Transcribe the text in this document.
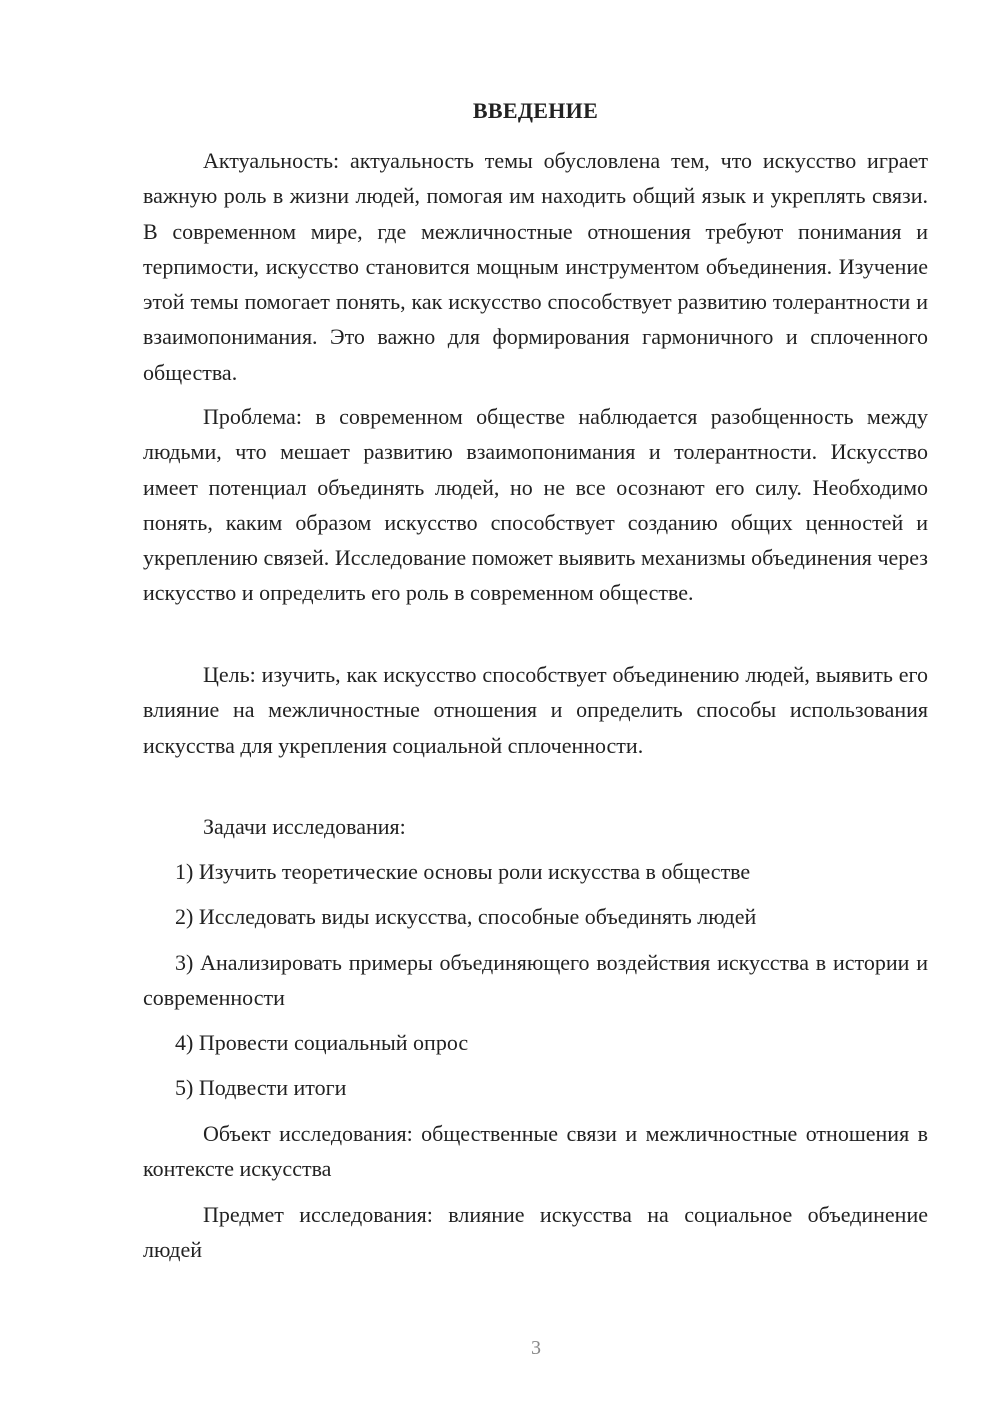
ВВЕДЕНИЕ

Актуальность: актуальность темы обусловлена тем, что искусство играет важную роль в жизни людей, помогая им находить общий язык и укреплять связи. В современном мире, где межличностные отношения требуют понимания и терпимости, искусство становится мощным инструментом объединения. Изучение этой темы помогает понять, как искусство способствует развитию толерантности и взаимопонимания. Это важно для формирования гармоничного и сплоченного общества.

Проблема: в современном обществе наблюдается разобщенность между людьми, что мешает развитию взаимопонимания и толерантности. Искусство имеет потенциал объединять людей, но не все осознают его силу. Необходимо понять, каким образом искусство способствует созданию общих ценностей и укреплению связей. Исследование поможет выявить механизмы объединения через искусство и определить его роль в современном обществе.

Цель: изучить, как искусство способствует объединению людей, выявить его влияние на межличностные отношения и определить способы использования искусства для укрепления социальной сплоченности.

Задачи исследования:

1) Изучить теоретические основы роли искусства в обществе

2) Исследовать виды искусства, способные объединять людей

3) Анализировать примеры объединяющего воздействия искусства в истории и современности

4) Провести социальный опрос

5) Подвести итоги

Объект исследования: общественные связи и межличностные отношения в контексте искусства

Предмет исследования: влияние искусства на социальное объединение людей

3
